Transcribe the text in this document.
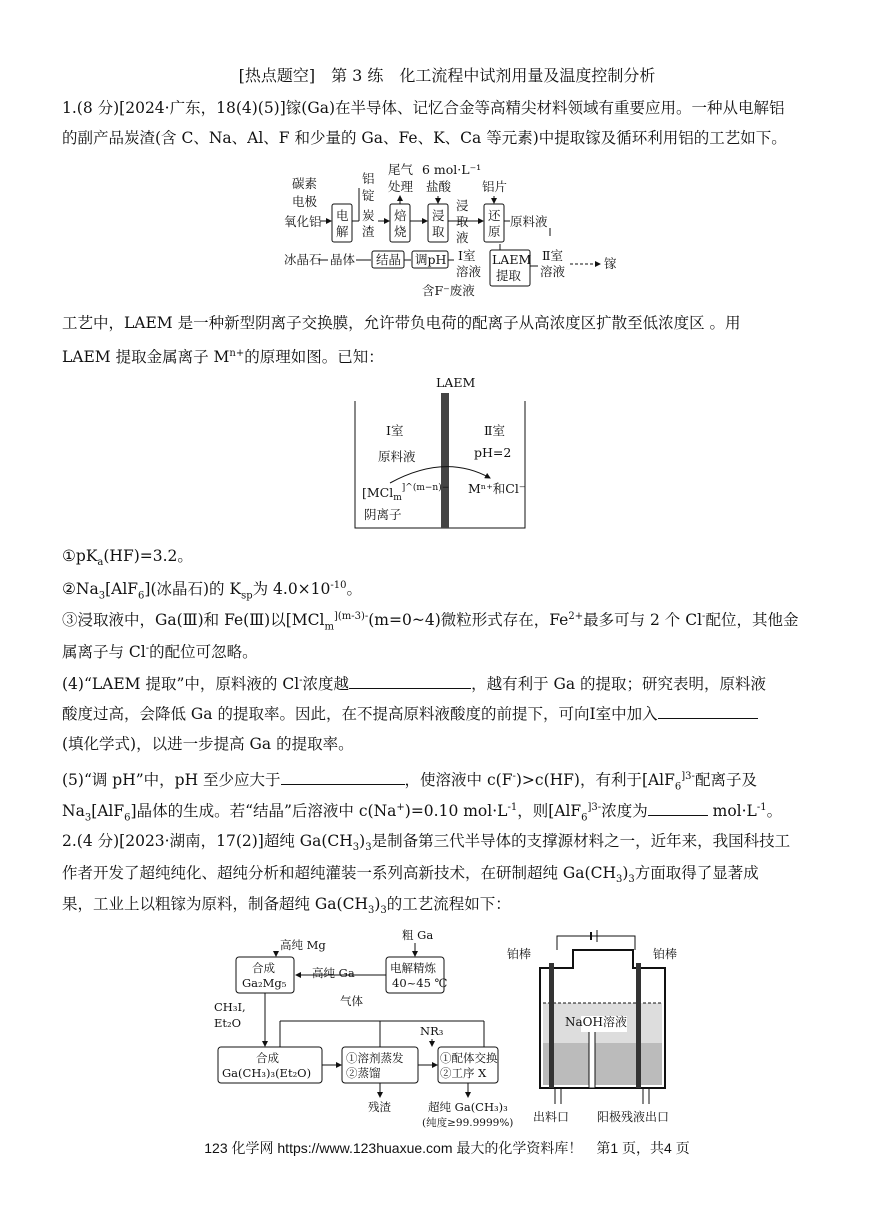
[热点题空]　第 3 练　化工流程中试剂用量及温度控制分析
1.(8 分)[2024·广东，18(4)(5)]镓(Ga)在半导体、记忆合金等高精尖材料领域有重要应用。一种从电解铝
的副产品炭渣(含 C、Na、Al、F 和少量的 Ga、Fe、K、Ca 等元素)中提取镓及循环利用铝的工艺如下。
碳素
电极
氧化铝
冰晶石
电
解
铝
锭
炭
渣
尾气
处理
焙
烧
6 mol·L⁻¹
盐酸
浸
取
浸
取
液
铝片
还
原
原料液
晶体 结晶 调pH Ⅰ室
溶液
LAEM
提取
Ⅱ室
溶液
镓
含F⁻废液
工艺中，LAEM 是一种新型阴离子交换膜，允许带负电荷的配离子从高浓度区扩散至低浓度区 。用
LAEM 提取金属离子 $M^{n+}$的原理如图。已知：
LAEM
Ⅰ室
原料液
[MCl$_m^{]\^{}(m-n)-}$
阴离子
Ⅱ室
pH=2
Mⁿ⁺和Cl⁻
$①pK_a(HF)=3.2$。
$②Na_3[AlF_6]$(冰晶石)的 $K_{sp}$为 $4.0\times 10^{-10}$。
③浸取液中，Ga(Ⅲ)和 Fe(Ⅲ)以[MCl$_m^{](m-3)-}$(m=0~4)微粒形式存在，$Fe^{2+}$最多可与 2 个 Cl-配位，其他金
属离子与 Cl-的配位可忽略。
(4)“LAEM 提取”中，原料液的 Cl-浓度越	，越有利于 Ga 的提取；研究表明，原料液
酸度过高，会降低 Ga 的提取率。因此，在不提高原料液酸度的前提下，可向Ⅰ室中加入
(填化学式)，以进一步提高 Ga 的提取率。
(5)“调 pH”中，pH 至少应大于	，使溶液中 c(F-)>c(HF)，有利于[AlF$_6^{]3-}$配离子及
$Na_3[AlF_6]$晶体的生成。若“结晶”后溶液中 c(Na+)=0.10 $mol\cdot L^{-1}$，则[AlF$_6^{]3-}$浓度为	$mol\cdot L^{-1}$。
2.(4 分)[2023·湖南，17(2)]超纯 $Ga(CH_3)_3$是制备第三代半导体的支撑源材料之一，近年来，我国科技工
作者开发了超纯纯化、超纯分析和超纯灌装一系列高新技术，在研制超纯 $Ga(CH_3)_3$方面取得了显著成
果，工业上以粗镓为原料，制备超纯 $Ga(CH_3)_3$的工艺流程如下：
高纯 Mg
合成
Ga₂Mg₅
高纯 Ga
粗 Ga
电解精炼
40~45 ℃
CH₃I,
Et₂O
气体
NR₃
合成
Ga(CH₃)₃(Et₂O)
①溶剂蒸发
②蒸馏
①配体交换
②工序 X
残渣	超纯 Ga(CH₃)₃
(纯度≥99.9999%)
铂棒	铂棒
NaOH溶液
出料口 阳极残液出口
123 化学网 https://www.123huaxue.com 最大的化学资料库！　第1 页，共4 页
